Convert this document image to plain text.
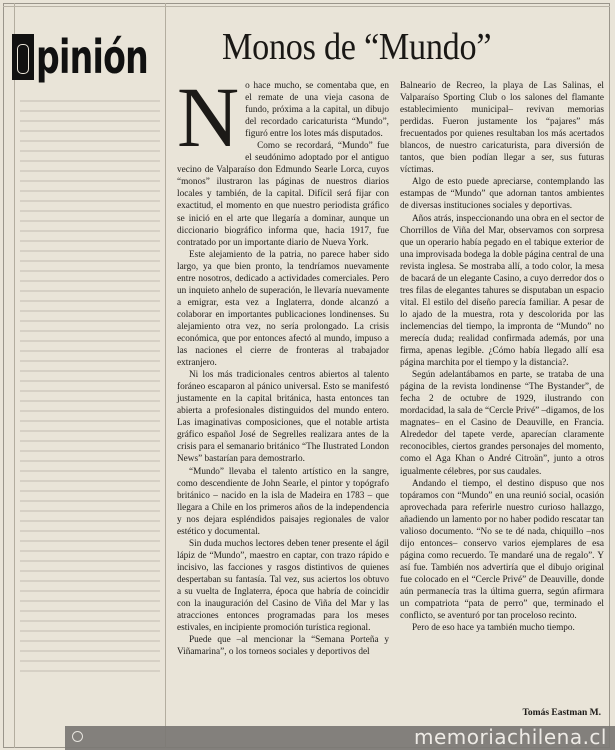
pinión Monos de “Mundo”
N o hace mucho, se comentaba que, en el remate de una vieja casona de fundo, próxima a la capital, un dibujo del recordado caricaturista “Mundo”, figuró entre los lotes más disputados.

Como se recordará, “Mundo” fue el seudónimo adoptado por el antiguo vecino de Valparaíso don Edmundo Searle Lorca, cuyos “monos” ilustraron las páginas de nuestros diarios locales y también, de la capital. Difícil será fijar con exactitud, el momento en que nuestro periodista gráfico se inició en el arte que llegaría a dominar, aunque un diccionario biográfico informa que, hacia 1917, fue contratado por un importante diario de Nueva York.

Este alejamiento de la patria, no parece haber sido largo, ya que bien pronto, la tendríamos nuevamente entre nosotros, dedicado a actividades comerciales. Pero un inquieto anhelo de superación, le llevaría nuevamente a emigrar, esta vez a Inglaterra, donde alcanzó a colaborar en importantes publicaciones londinenses. Su alejamiento otra vez, no sería prolongado. La crisis económica, que por entonces afectó al mundo, impuso a las naciones el cierre de fronteras al trabajador extranjero.

Ni los más tradicionales centros abiertos al talento foráneo escaparon al pánico universal. Esto se manifestó justamente en la capital británica, hasta entonces tan abierta a profesionales distinguidos del mundo entero. Las imaginativas composiciones, que el notable artista gráfico español José de Segrelles realizara antes de la crisis para el semanario británico “The Ilustrated London News” bastarían para demostrarlo.

“Mundo” llevaba el talento artístico en la sangre, como descendiente de John Searle, el pintor y topógrafo británico – nacido en la isla de Madeira en 1783 – que llegara a Chile en los primeros años de la independencia y nos dejara espléndidos paisajes regionales de valor estético y documental.

Sin duda muchos lectores deben tener presente el ágil lápiz de “Mundo”, maestro en captar, con trazo rápido e incisivo, las facciones y rasgos distintivos de quienes despertaban su fantasía. Tal vez, sus aciertos los obtuvo a su vuelta de Inglaterra, época que habría de coincidir con la inauguración del Casino de Viña del Mar y las atracciones entonces programadas para los meses estivales, en incipiente promoción turística regional.

Puede que –al mencionar la “Semana Porteña y Viñamarina”, o los torneos sociales y deportivos del

Balneario de Recreo, la playa de Las Salinas, el Valparaíso Sporting Club o los salones del flamante establecimiento municipal– revivan memorias perdidas. Fueron justamente los “pajares” más frecuentados por quienes resultaban los más acertados blancos, de nuestro caricaturista, para diversión de tantos, que bien podían llegar a ser, sus futuras víctimas.

Algo de esto puede apreciarse, contemplando las estampas de “Mundo” que adornan tantos ambientes de diversas instituciones sociales y deportivas.

Años atrás, inspeccionando una obra en el sector de Chorrillos de Viña del Mar, observamos con sorpresa que un operario había pegado en el tabique exterior de una improvisada bodega la doble página central de una revista inglesa. Se mostraba allí, a todo color, la mesa de bacará de un elegante Casino, a cuyo derredor dos o tres filas de elegantes tahures se disputaban un espacio vital. El estilo del diseño parecía familiar. A pesar de lo ajado de la muestra, rota y descolorida por las inclemencias del tiempo, la impronta de “Mundo” no merecía duda; realidad confirmada además, por una firma, apenas legible. ¿Cómo había llegado allí esa página marchita por el tiempo y la distancia?.

Según adelantábamos en parte, se trataba de una página de la revista londinense “The Bystander”, de fecha 2 de octubre de 1929, ilustrando con mordacidad, la sala de “Cercle Privé” –digamos, de los magnates– en el Casino de Deauville, en Francia. Alrededor del tapete verde, aparecían claramente reconocibles, ciertos grandes personajes del momento, como el Aga Khan o André Citroän”, junto a otros igualmente célebres, por sus caudales.

Andando el tiempo, el destino dispuso que nos topáramos con “Mundo” en una reunió social, ocasión aprovechada para referirle nuestro curioso hallazgo, añadiendo un lamento por no haber podido rescatar tan valioso documento. “No se te dé nada, chiquillo –nos dijo entonces– conservo varios ejemplares de esa página como recuerdo. Te mandaré una de regalo”. Y así fue. También nos advertiría que el dibujo original fue colocado en el “Cercle Privé” de Deauville, donde aún permanecía tras la última guerra, según afirmara un compatriota “pata de perro” que, terminado el conflicto, se aventuró por tan proceloso recinto.

Pero de eso hace ya también mucho tiempo.

Tomás Eastman M.
memoriachilena.cl
